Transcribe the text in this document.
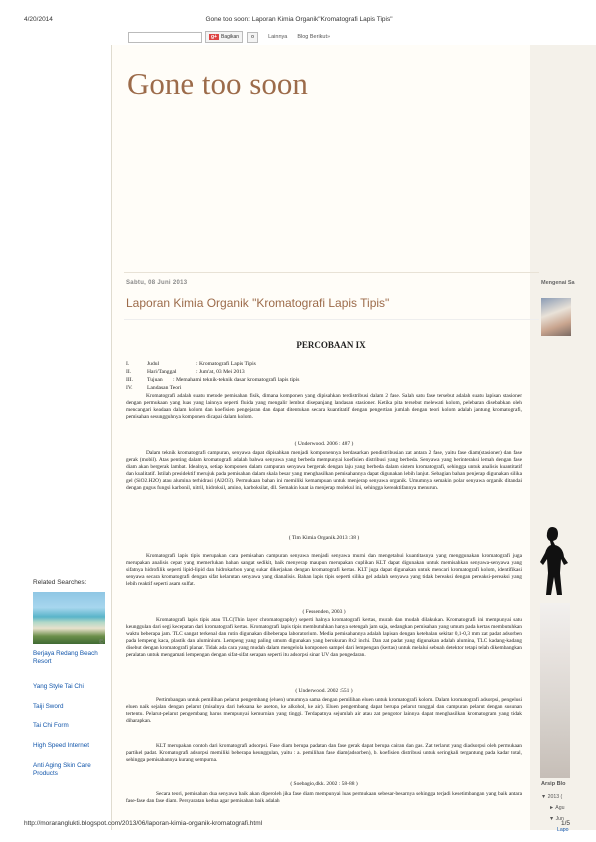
4/20/2014	Gone too soon: Laporan Kimia Organik"Kromatografi Lapis Tipis"
g+ Bagikan	o	Lainnya Blog Berikut»
Gone too soon
Sabtu, 08 Juni 2013
Laporan Kimia Organik "Kromatografi Lapis Tipis"
PERCOBAAN IX
I.	Judul	: Kromatografi Lapis Tipis
II.	Hari/Tanggal	: Jum'at, 03 Mei 2013
III.	Tujuan : Memahami teknik-teknik dasar kromatografi lapis tipis
IV.	Landasan Teori
Kromatografi adalah suatu metode pemisahan fisik, dimana komponen yang dipisahkan terdistribusi dalam 2 fase. Salah satu fase tersebut adalah suatu lapisan stasioner dengan permukaan yang luas yang lainnya seperti fluida yang mengalir lembut disepanjang landasan stasioner. Ketika pita tersebut melewati kolom, pelebaran disebabkan oleh mencangari keadaan dalam kolom dan koefisien pengejaran dan dapat ditentukan secara kuantitatif dengan pengertian jumlah dengan teori kolom adalah jantung kromatografi, pemisahan sesungguhnya komponen dicapai dalam kolom.
( Underwood. 2006 : 487 )
Dalam teknik kromatografi campuran, senyawa dapat dipisahkan menjadi komponennya berdasarkan pendistribusian zat antara 2 fase, yaitu fase diam(stasioner) dan fase gerak (mobil). Atas penting dalam kromatografi adalah bahwa senyawa yang berbeda mempunyai koefisien distribusi yang berbeda. Senyawa yang berinteraksi lemah dengan fase diam akan bergerak lambat. Idealnya, setiap komponen dalam campuran senyawa bergerak dengan laju yang berbeda dalam sistem kromatografi, sehingga untuk analisis kuantitatif dan kualitatif. Istilah presidektif merujuk pada pemisahan dalam skala besar yang menghasilkan pemisahannya dapat digunakan lebih lanjut. Sebagian bahan penjerap digunakan silika gel (SiO2.H2O) atau alumina terhidrasi (Al2O3). Permukaan bahan ini memiliki kemampuan untuk menjerap senyawa organik. Umumnya semakin polar senyawa organik ditandai dengan gugus fungsi karbonil, nitril, hidroksil, amino, karboksilat, dll. Semakin kuat ia menjerap molekul ini, sehingga kereaktifannya menurun.
( Tim Kimia Organik.2013 :38 )
Kromatografi lapis tipis merupakan cara pemisahan campuran senyawa menjadi senyawa murni dan mengetahui kuantitasnya yang menggunakan kromatografi juga merupakan analisis cepat yang memerlukan bahan sangat sedikit, baik menyerap maupun merupakan cuplikan KLT dapat digunakan untuk memisahkan senyawa-senyawa yang sifatnya hidrofilik seperti lipid-lipid dan hidrokarbon yang sukar dikerjakan dengan kromatografi kertas. KLT juga dapat digunakan untuk mencari kromatografi kolom, identifikasi senyawa secara kromatografi dengan sifat kelarutan senyawa yang dianalisis. Bahan lapis tipis seperti silika gel adalah senyawa yang tidak bereaksi dengan pereaksi-pereaksi yang lebih reaktif seperti asam sulfat.
( Fessenden, 2003 )
Kromatografi lapis tipis atau TLC(Thin layer chromatography) seperti halnya kromatografi kertas, murah dan mudah dilakukan. Kromatografi ini mempunyai satu keunggulan dari segi kecepatan dari kromatografi kertas. Kromatografi lapis tipis membutuhkan hanya setengah jam saja, sedangkan pemisahan yang umum pada kertas membutuhkan waktu beberapa jam. TLC sangat terkenal dan rutin digunakan dibeberapa laboratorium. Media pemisahannya adalah lapisan dengan ketebalan sekitar 0,1-0,3 mm zat padat adsorben pada lempeng kaca, plastik dan aluminium. Lempeng yang paling umum digunakan yang berukuran 8x2 inchi. Dan zat padat yang digunakan adalah alumina, TLC kadang-kadang disebut dengan kromatografi planar. Tidak ada cara yang mudah dalam mengelola komponen sampel dari lempengan (kertas) untuk melalui sebuah detektor tetapi telah dikembangkan peralatan untuk mengamati lempengan dengan sifat-sifat serapan seperti itu adsorpsi sinar UV dan pengedaran.
( Underwood. 2002 :551 )
Pertimbangan untuk pemilihan pelarut pengembang (eluen) umumnya sama dengan pemilihan eluen untuk kromatografi kolom. Dalam kromatografi adsorpsi, pengelusi eluen naik sejalan dengan pelarut (misalnya dari heksana ke aseton, ke alkohol, ke air). Eluen pengembang dapat berupa pelarut tunggal dan campuran pelarut dengan susunan tertentu. Pelarut-pelarut pengembang harus mempunyai kemurnian yang tinggi. Terdapatnya sejumlah air atau zat pengotor lainnya dapat menghasilkan kromatogram yang tidak diharapkan.
KLT merupakan contoh dari kromatografi adsorpsi. Fase diam berupa padatan dan fase gerak dapat berupa cairan dan gas. Zat terlarut yang diadsorpsi oleh permukaan partikel padat. Kromatografi adsorpsi memiliki beberapa keunggulan, yaitu : a. pemilihan fase diam(adsorben), b. koefisien distribusi untuk seringkali tergantung pada kadar total, sehingga pemisahannya kurang sempurna.
( Soebagio,dkk. 2002 : 58-88 )
Secara teori, pemisahan dua senyawa baik akan diperoleh jika fase diam mempunyai luas permukaan sebesar-besarnya sehingga terjadi kesetimbangan yang baik antara fase-fase dan fase diam. Persyaratan kedua agar pemisahan baik adalah
Mengenai Sa
Arsip Blo
▼ 2013 (
► Agu
▼ Jun
Lapo
Related Searches:
©
Berjaya Redang Beach Resort
Yang Style Tai Chi
Taiji Sword
Tai Chi Form
High Speed Internet
Anti Aging Skin Care Products
http://moraranglukti.blogspot.com/2013/06/laporan-kimia-organik-kromatografi.html	1/5
